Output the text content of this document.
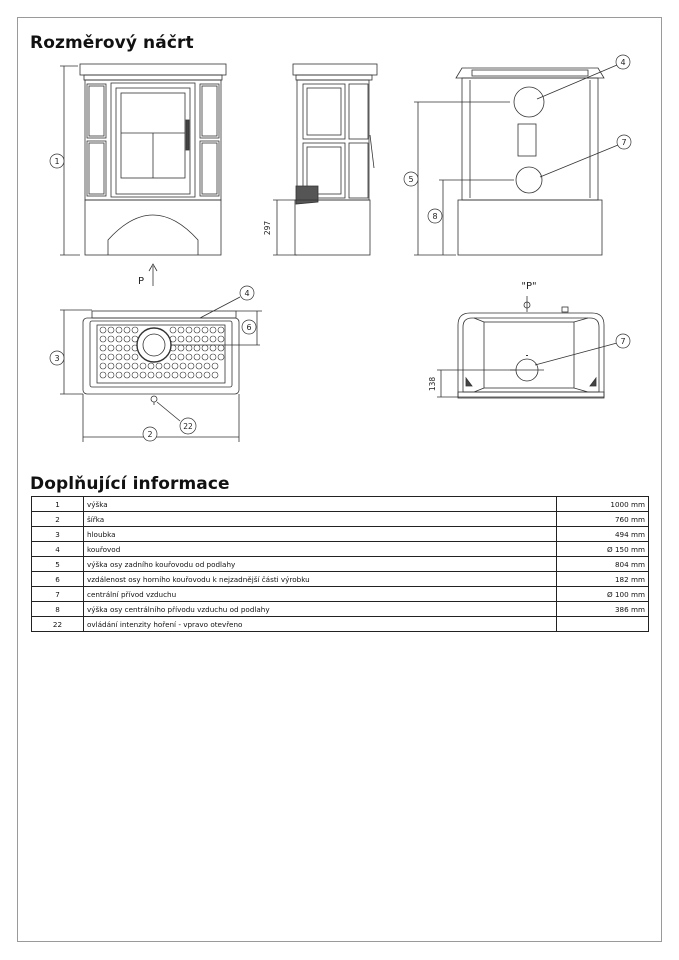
Rozměrový náčrt
1
2
3
4
4
5
6
7
7
8
22
297
138
P	"P"
Doplňující informace
1	výška	1000 mm
2	šířka	760 mm
3	hloubka	494 mm
4	kouřovod	Ø 150 mm
5	výška osy zadního kouřovodu od podlahy	804 mm
6	vzdálenost osy horního kouřovodu k nejzadnější části výrobku	182 mm
7	centrální přívod vzduchu	Ø 100 mm
8	výška osy centrálního přívodu vzduchu od podlahy	386 mm
22	ovládání intenzity hoření - vpravo otevřeno	
